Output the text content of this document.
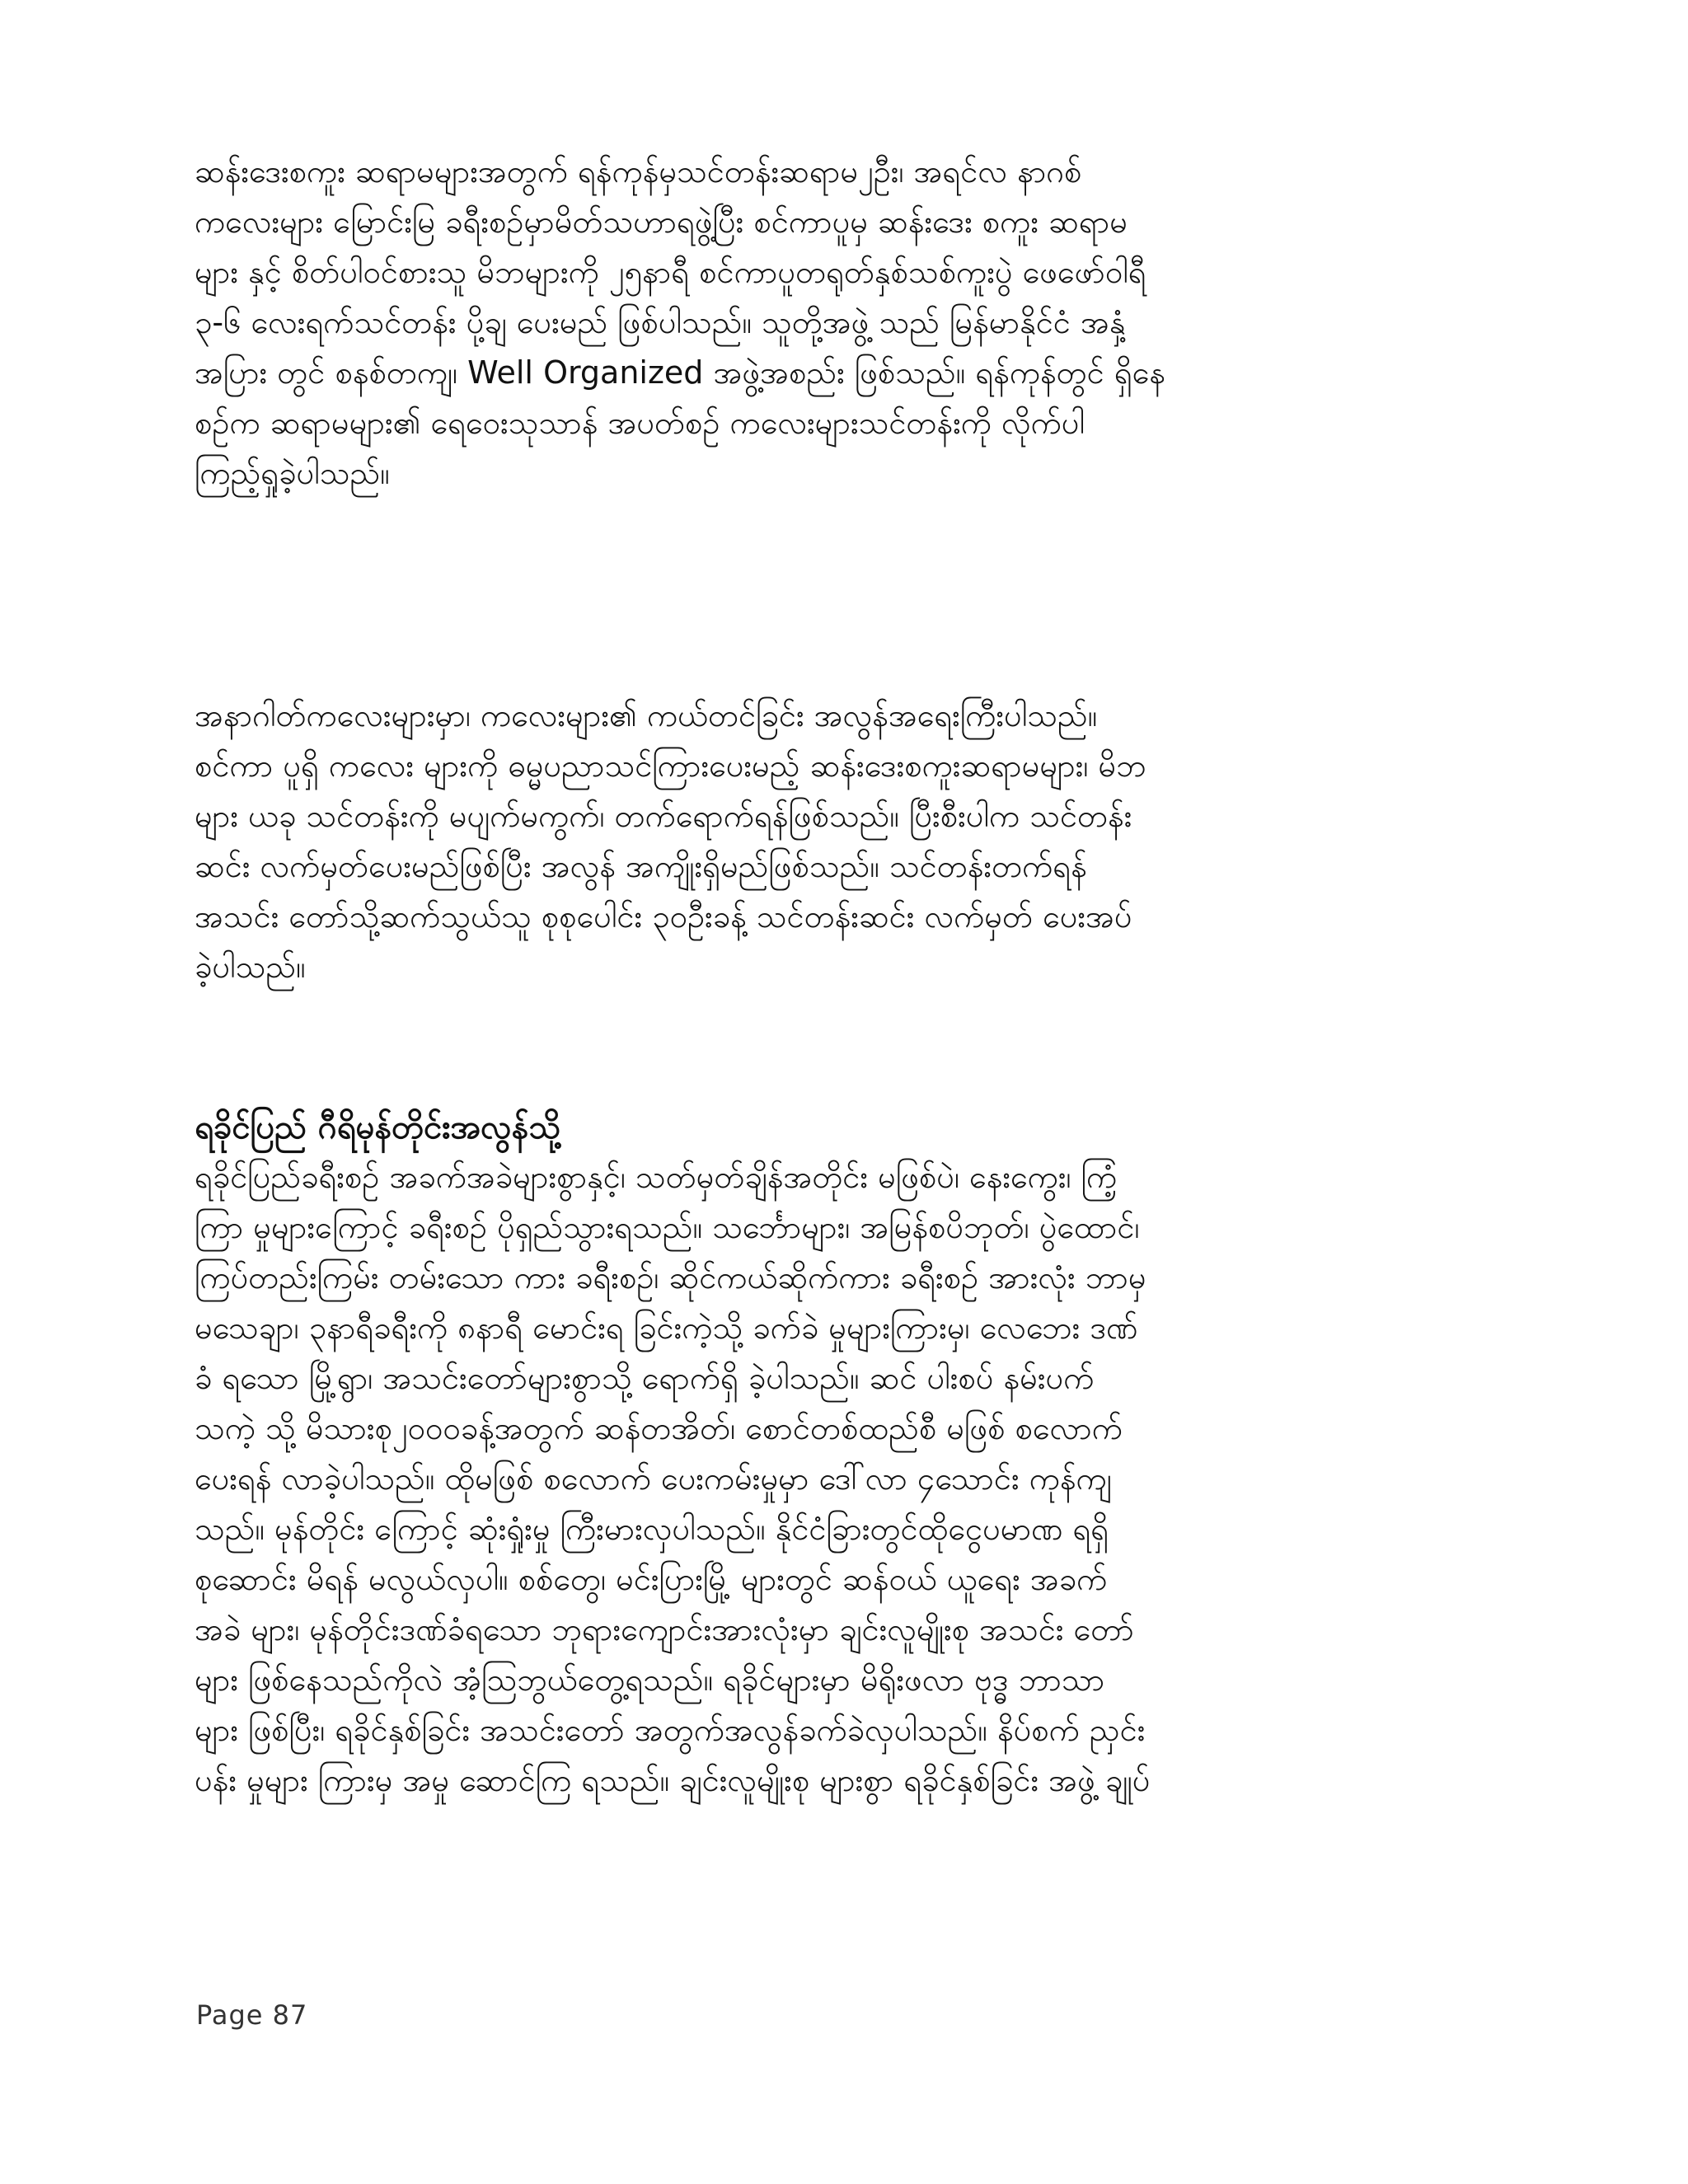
ဆန်းဒေးစကူး ဆရာမများအတွက် ရန်ကုန်မှသင်တန်းဆရာမ၂ဦး၊ အရင်လ နာဂစ်
ကလေးများ မြောင်းမြ ခရီးစဉ်မှာမိတ်သဟာရဖွဲ့ပြီး စင်ကာပူမှ ဆန်းဒေး စကူး ဆရာမ
များ နှင့် စိတ်ပါဝင်စားသူ မိဘများကို ၂၅နာရီ စင်ကာပူတရုတ်နှစ်သစ်ကူးပွဲ ဖေဖော်ဝါရီ
၃-၆ လေးရက်သင်တန်း ပို့ချ ပေးမည် ဖြစ်ပါသည်။ သူတို့အဖွဲ့ သည် မြန်မာနိုင်ငံ အနှံ့
အပြား တွင် စနစ်တကျ၊ Well Organized အဖွဲ့အစည်း ဖြစ်သည်။ ရန်ကုန်တွင် ရှိနေ
စဉ်က ဆရာမများ၏ ရေဝေးသုသာန် အပတ်စဉ် ကလေးများသင်တန်းကို လိုက်ပါ
ကြည့်ရှုခဲ့ပါသည်။
အနာဂါတ်ကလေးများမှာ၊ ကလေးများ၏ ကယ်တင်ခြင်း အလွန်အရေးကြီးပါသည်။
စင်ကာ ပူရှိ ကလေး များကို ဓမ္မပညာသင်ကြားပေးမည့် ဆန်းဒေးစကူးဆရာမများ၊ မိဘ
များ ယခု သင်တန်းကို မပျက်မကွက်၊ တက်ရောက်ရန်ဖြစ်သည်။ ပြီးစီးပါက သင်တန်း
ဆင်း လက်မှတ်ပေးမည်ဖြစ်ပြီး အလွန် အကျိုးရှိမည်ဖြစ်သည်။ သင်တန်းတက်ရန်
အသင်း တော်သို့ဆက်သွယ်သူ စုစုပေါင်း ၃၀ဦးခန့် သင်တန်းဆင်း လက်မှတ် ပေးအပ်
ခဲ့ပါသည်။
ရခိုင်ပြည် ဂီရိမုန်တိုင်းအလွန်သို့
ရခိုင်ပြည်ခရီးစဉ် အခက်အခဲများစွာနှင့်၊ သတ်မှတ်ချိန်အတိုင်း မဖြစ်ပဲ၊ နေးကွေး၊ ကြံ့
ကြာ မှုများကြောင့် ခရီးစဉ် ပိုရှည်သွားရသည်။ သင်္ဘောများ၊ အမြန်စပိဘုတ်၊ ပွဲထောင်၊
ကြပ်တည်းကြမ်း တမ်းသော ကား ခရီးစဉ်၊ ဆိုင်ကယ်ဆိုက်ကား ခရီးစဉ် အားလုံး ဘာမှ
မသေချာ၊ ၃နာရီခရီးကို ၈နာရီ မောင်းရ ခြင်းကဲ့သို့ ခက်ခဲ မှုများကြားမှ၊ လေဘေး ဒဏ်
ခံ ရသော မြို့ရွာ၊ အသင်းတော်များစွာသို့ ရောက်ရှိ ခဲ့ပါသည်။ ဆင် ပါးစပ် နမ်းပက်
သကဲ့ သို့ မိသားစု၂၀၀၀ခန့်အတွက် ဆန်တအိတ်၊ စောင်တစ်ထည်စီ မဖြစ် စလောက်
ပေးရန် လာခဲ့ပါသည်။ ထိုမဖြစ် စလောက် ပေးကမ်းမှုမှာ ဒေါ်လာ ၄သောင်း ကုန်ကျ
သည်။ မုန်တိုင်း ကြောင့် ဆုံးရှုံးမှု ကြီးမားလှပါသည်။ နိုင်ငံခြားတွင်ထိုငွေပမာဏ ရရှိ
စုဆောင်း မိရန် မလွယ်လှပါ။ စစ်တွေ၊ မင်းပြားမြို့ များတွင် ဆန်ဝယ် ယူရေး အခက်
အခဲ များ၊ မုန်တိုင်းဒဏ်ခံရသော ဘုရားကျောင်းအားလုံးမှာ ချင်းလူမျိုးစု အသင်း တော်
များ ဖြစ်နေသည်ကိုလဲ အံ့သြဘွယ်တွေ့ရသည်။ ရခိုင်များမှာ မိရိုးဖလာ ဗုဒ္ဓ ဘာသာ
များ ဖြစ်ပြီး၊ ရခိုင်နှစ်ခြင်း အသင်းတော် အတွက်အလွန်ခက်ခဲလှပါသည်။ နိပ်စက် ညှင်း
ပန်း မှုများ ကြားမှ အမှု ဆောင်ကြ ရသည်။ ချင်းလူမျိုးစု များစွာ ရခိုင်နှစ်ခြင်း အဖွဲ့ ချုပ်
Page 87
